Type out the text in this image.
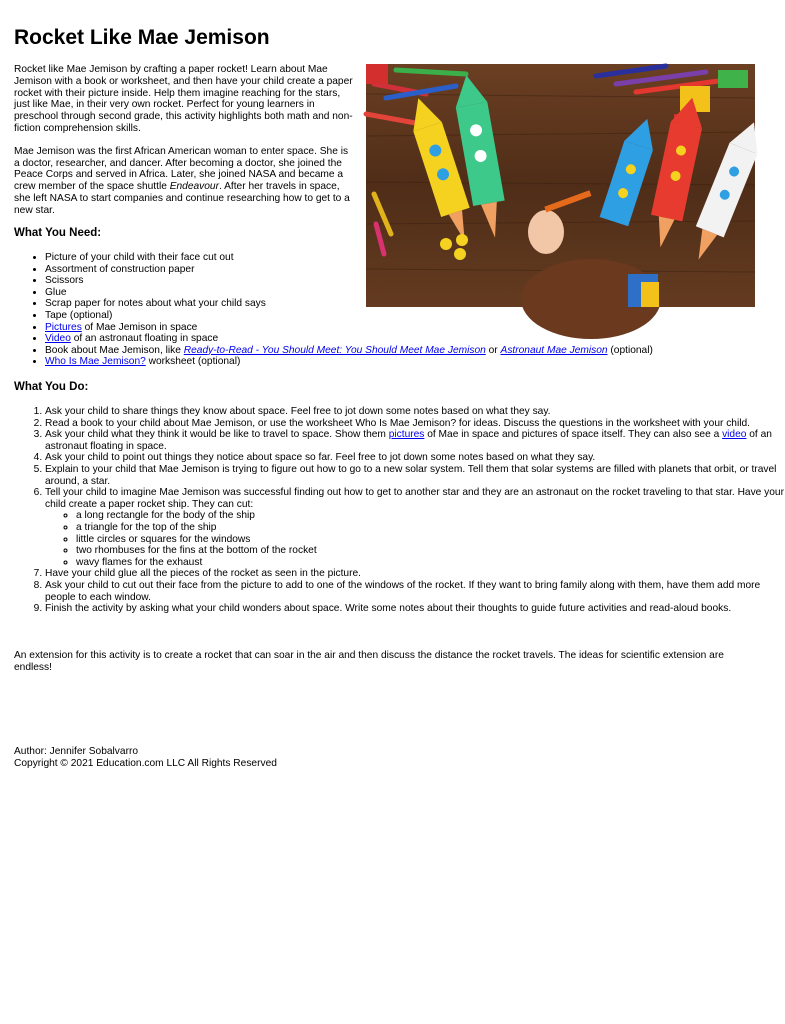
Rocket Like Mae Jemison

Rocket like Mae Jemison by crafting a paper rocket! Learn about Mae Jemison with a book or worksheet, and then have your child create a paper rocket with their picture inside. Help them imagine reaching for the stars, just like Mae, in their very own rocket. Perfect for young learners in preschool through second grade, this activity highlights both math and non-fiction comprehension skills.

Mae Jemison was the first African American woman to enter space. She is a doctor, researcher, and dancer. After becoming a doctor, she joined the Peace Corps and served in Africa. Later, she joined NASA and became a crew member of the space shuttle Endeavour. After her travels in space, she left NASA to start companies and continue researching how to get to a new star.

What You Need:
• Picture of your child with their face cut out
• Assortment of construction paper
• Scissors
• Glue
• Scrap paper for notes about what your child says
• Tape (optional)
• Pictures of Mae Jemison in space
• Video of an astronaut floating in space
• Book about Mae Jemison, like Ready-to-Read - You Should Meet: You Should Meet Mae Jemison or Astronaut Mae Jemison (optional)
• Who Is Mae Jemison? worksheet (optional)
What You Do:
1. Ask your child to share things they know about space. Feel free to jot down some notes based on what they say.
2. Read a book to your child about Mae Jemison, or use the worksheet Who Is Mae Jemison? for ideas. Discuss the questions in the worksheet with your child.
3. Ask your child what they think it would be like to travel to space. Show them pictures of Mae in space and pictures of space itself. They can also see a video of an astronaut floating in space.
4. Ask your child to point out things they notice about space so far. Feel free to jot down some notes based on what they say.
5. Explain to your child that Mae Jemison is trying to figure out how to go to a new solar system. Tell them that solar systems are filled with planets that orbit, or travel around, a star.
6. Tell your child to imagine Mae Jemison was successful finding out how to get to another star and they are an astronaut on the rocket traveling to that star. Have your child create a paper rocket ship. They can cut:
◦ a long rectangle for the body of the ship
◦ a triangle for the top of the ship
◦ little circles or squares for the windows
◦ two rhombuses for the fins at the bottom of the rocket
◦ wavy flames for the exhaust
7. Have your child glue all the pieces of the rocket as seen in the picture.
8. Ask your child to cut out their face from the picture to add to one of the windows of the rocket. If they want to bring family along with them, have them add more people to each window.
9. Finish the activity by asking what your child wonders about space. Write some notes about their thoughts to guide future activities and read-aloud books.

An extension for this activity is to create a rocket that can soar in the air and then discuss the distance the rocket travels. The ideas for scientific extension are endless!

Author: Jennifer Sobalvarro
Copyright © 2021 Education.com LLC All Rights Reserved
